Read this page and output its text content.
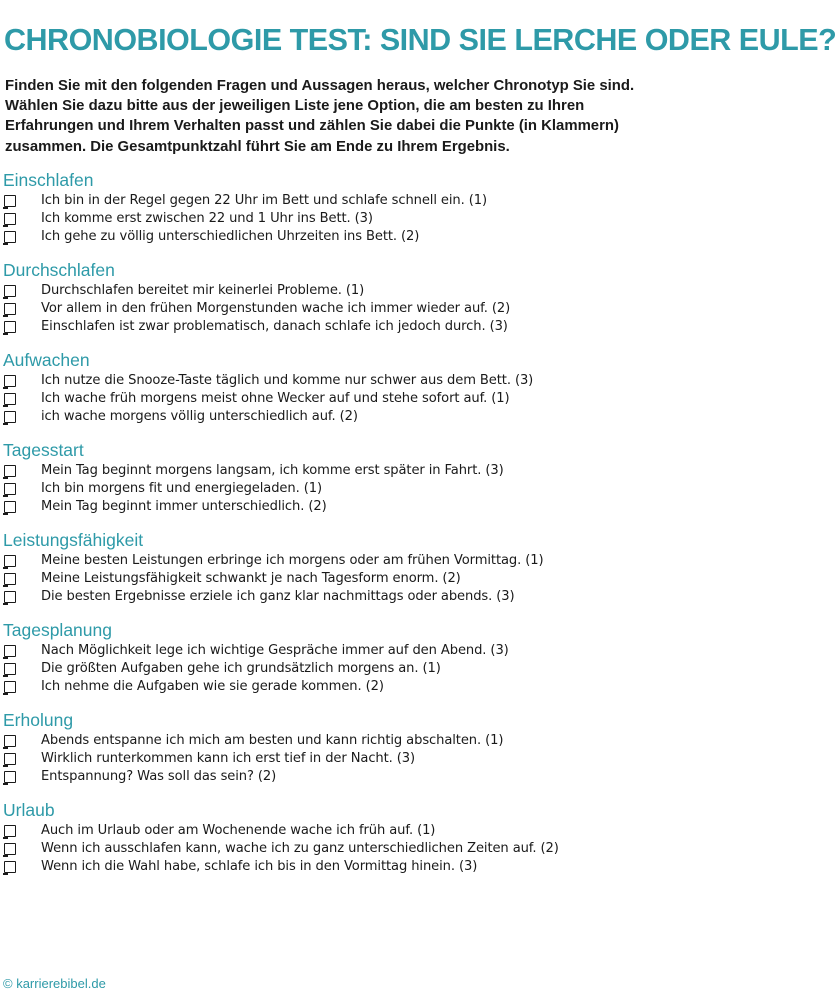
CHRONOBIOLOGIE TEST: SIND SIE LERCHE ODER EULE?

Finden Sie mit den folgenden Fragen und Aussagen heraus, welcher Chronotyp Sie sind. Wählen Sie dazu bitte aus der jeweiligen Liste jene Option, die am besten zu Ihren Erfahrungen und Ihrem Verhalten passt und zählen Sie dabei die Punkte (in Klammern) zusammen. Die Gesamtpunktzahl führt Sie am Ende zu Ihrem Ergebnis.

Einschlafen
Ich bin in der Regel gegen 22 Uhr im Bett und schlafe schnell ein. (1)
Ich komme erst zwischen 22 und 1 Uhr ins Bett. (3)
Ich gehe zu völlig unterschiedlichen Uhrzeiten ins Bett. (2)
Durchschlafen
Durchschlafen bereitet mir keinerlei Probleme. (1)
Vor allem in den frühen Morgenstunden wache ich immer wieder auf. (2)
Einschlafen ist zwar problematisch, danach schlafe ich jedoch durch. (3)
Aufwachen
Ich nutze die Snooze-Taste täglich und komme nur schwer aus dem Bett. (3)
Ich wache früh morgens meist ohne Wecker auf und stehe sofort auf. (1)
ich wache morgens völlig unterschiedlich auf. (2)
Tagesstart
Mein Tag beginnt morgens langsam, ich komme erst später in Fahrt. (3)
Ich bin morgens fit und energiegeladen. (1)
Mein Tag beginnt immer unterschiedlich. (2)
Leistungsfähigkeit
Meine besten Leistungen erbringe ich morgens oder am frühen Vormittag. (1)
Meine Leistungsfähigkeit schwankt je nach Tagesform enorm. (2)
Die besten Ergebnisse erziele ich ganz klar nachmittags oder abends. (3)
Tagesplanung
Nach Möglichkeit lege ich wichtige Gespräche immer auf den Abend. (3)
Die größten Aufgaben gehe ich grundsätzlich morgens an. (1)
Ich nehme die Aufgaben wie sie gerade kommen. (2)
Erholung
Abends entspanne ich mich am besten und kann richtig abschalten. (1)
Wirklich runterkommen kann ich erst tief in der Nacht. (3)
Entspannung? Was soll das sein? (2)
Urlaub
Auch im Urlaub oder am Wochenende wache ich früh auf. (1)
Wenn ich ausschlafen kann, wache ich zu ganz unterschiedlichen Zeiten auf. (2)
Wenn ich die Wahl habe, schlafe ich bis in den Vormittag hinein. (3)
© karrierebibel.de
